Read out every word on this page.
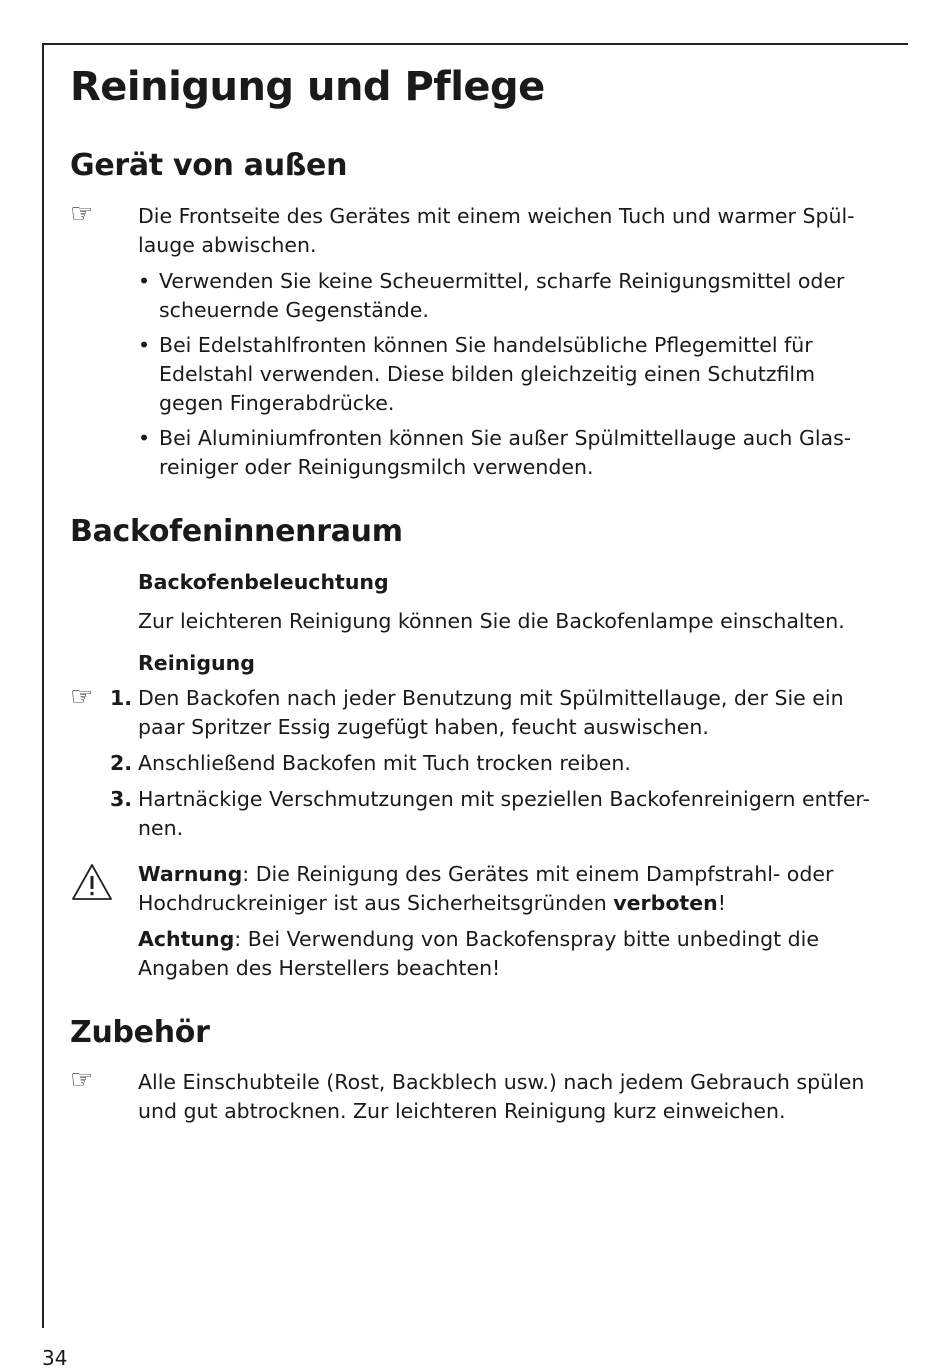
Reinigung und Pflege
Gerät von außen
☞ Die Frontseite des Gerätes mit einem weichen Tuch und warmer Spül-
lauge abwischen.
• Verwenden Sie keine Scheuermittel, scharfe Reinigungsmittel oder
scheuernde Gegenstände.
• Bei Edelstahlfronten können Sie handelsübliche Pflegemittel für
Edelstahl verwenden. Diese bilden gleichzeitig einen Schutzfilm
gegen Fingerabdrücke.
• Bei Aluminiumfronten können Sie außer Spülmittellauge auch Glas-
reiniger oder Reinigungsmilch verwenden.
Backofeninnenraum
Backofenbeleuchtung
Zur leichteren Reinigung können Sie die Backofenlampe einschalten.
Reinigung
☞ 1. Den Backofen nach jeder Benutzung mit Spülmittellauge, der Sie ein
paar Spritzer Essig zugefügt haben, feucht auswischen.
2. Anschließend Backofen mit Tuch trocken reiben.
3. Hartnäckige Verschmutzungen mit speziellen Backofenreinigern entfer-
nen.
Warnung: Die Reinigung des Gerätes mit einem Dampfstrahl- oder
Hochdruckreiniger ist aus Sicherheitsgründen verboten!
Achtung: Bei Verwendung von Backofenspray bitte unbedingt die
Angaben des Herstellers beachten!
Zubehör
☞ Alle Einschubteile (Rost, Backblech usw.) nach jedem Gebrauch spülen
und gut abtrocknen. Zur leichteren Reinigung kurz einweichen.
34
